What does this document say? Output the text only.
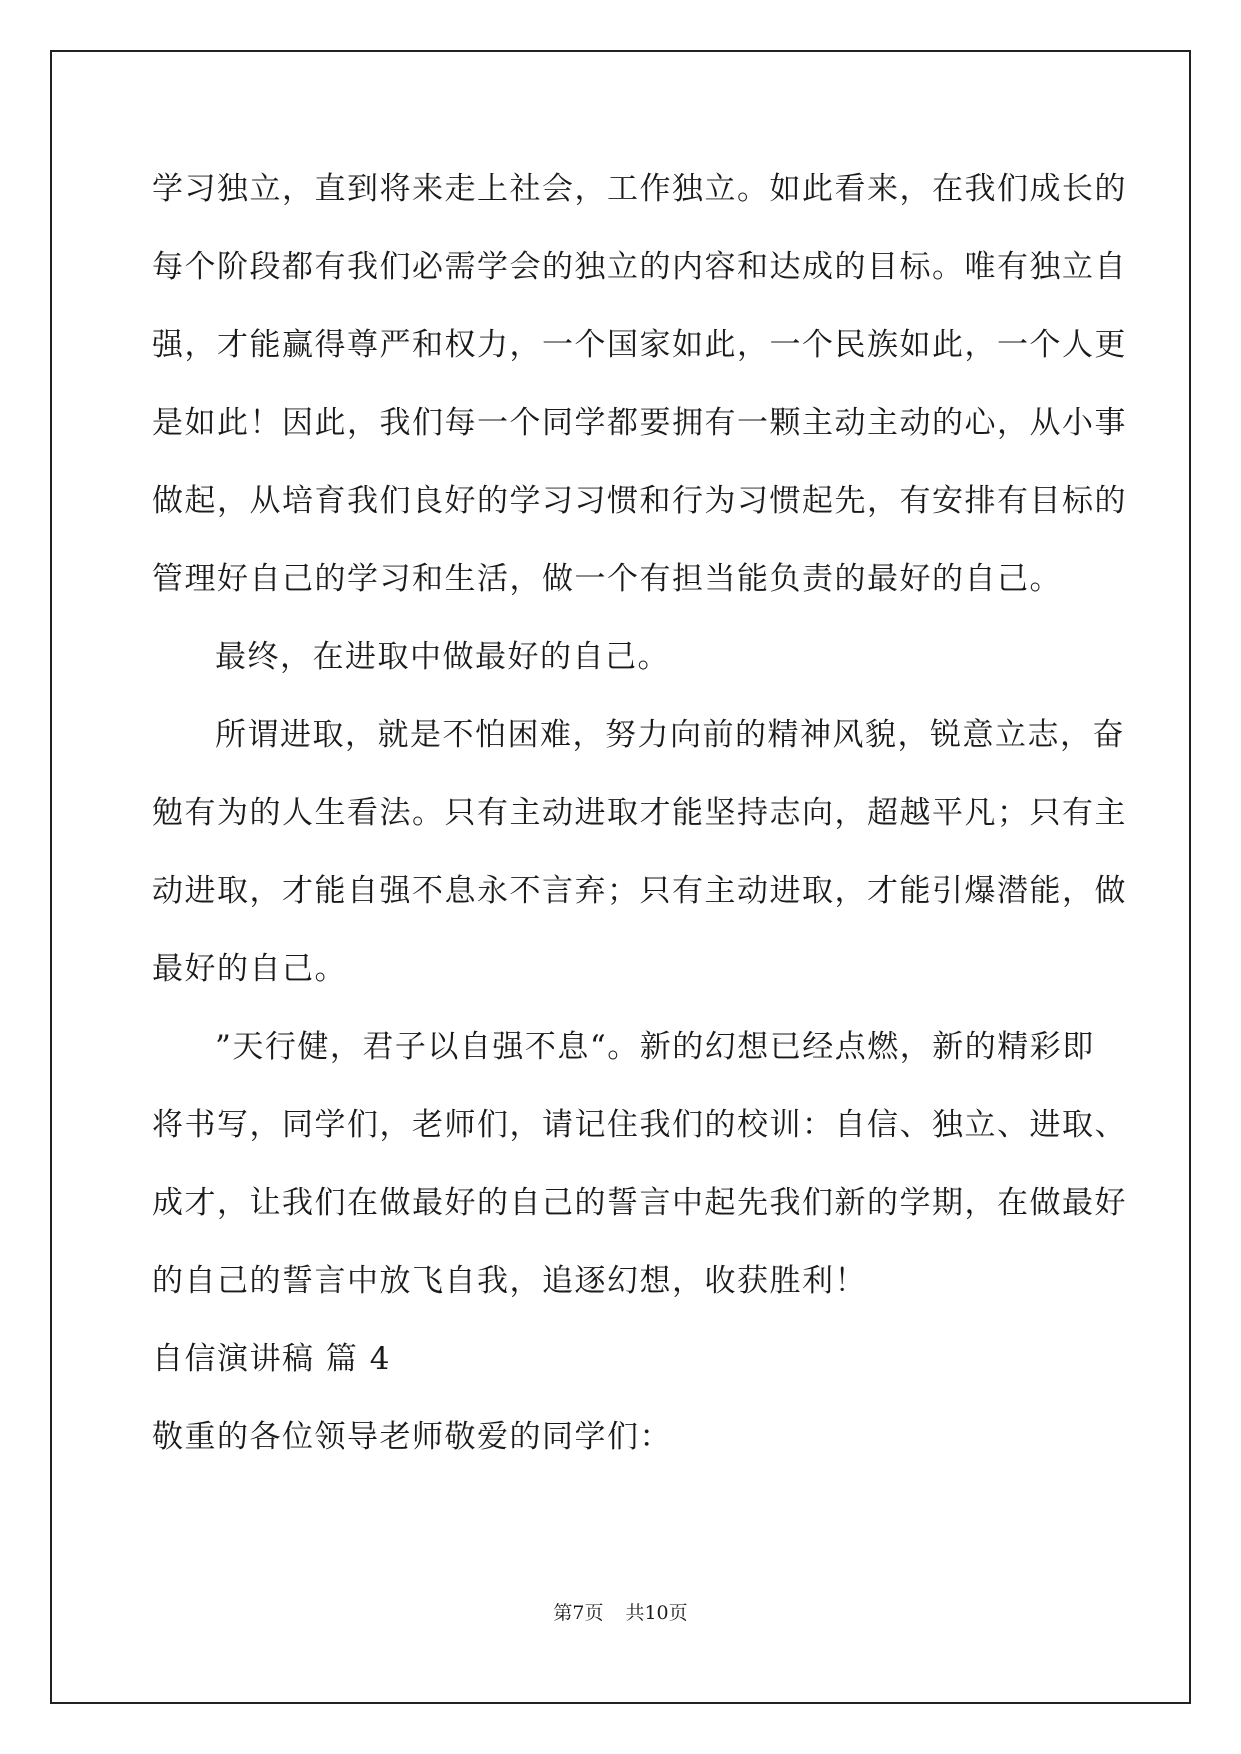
学习独立，直到将来走上社会，工作独立。如此看来，在我们成长的
每个阶段都有我们必需学会的独立的内容和达成的目标。唯有独立自
强，才能赢得尊严和权力，一个国家如此，一个民族如此，一个人更
是如此！因此，我们每一个同学都要拥有一颗主动主动的心，从小事
做起，从培育我们良好的学习习惯和行为习惯起先，有安排有目标的
管理好自己的学习和生活，做一个有担当能负责的最好的自己。
最终，在进取中做最好的自己。
所谓进取，就是不怕困难，努力向前的精神风貌，锐意立志，奋
勉有为的人生看法。只有主动进取才能坚持志向，超越平凡；只有主
动进取，才能自强不息永不言弃；只有主动进取，才能引爆潜能，做
最好的自己。
”天行健，君子以自强不息“。新的幻想已经点燃，新的精彩即
将书写，同学们，老师们，请记住我们的校训：自信、独立、进取、
成才，让我们在做最好的自己的誓言中起先我们新的学期，在做最好
的自己的誓言中放飞自我，追逐幻想，收获胜利！
自信演讲稿 篇 4
敬重的各位领导老师敬爱的同学们：
第7页 共10页
